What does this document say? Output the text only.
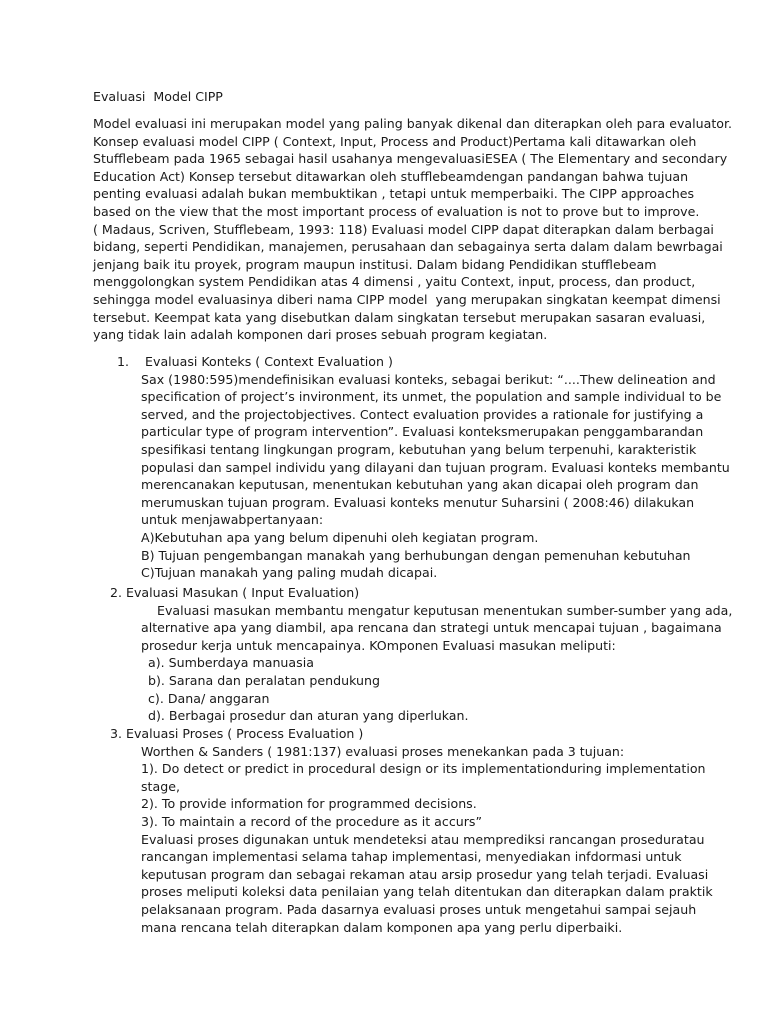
Evaluasi  Model CIPP
Model evaluasi ini merupakan model yang paling banyak dikenal dan diterapkan oleh para evaluator.
Konsep evaluasi model CIPP ( Context, Input, Process and Product)Pertama kali ditawarkan oleh
Stufflebeam pada 1965 sebagai hasil usahanya mengevaluasiESEA ( The Elementary and secondary
Education Act) Konsep tersebut ditawarkan oleh stufflebeamdengan pandangan bahwa tujuan
penting evaluasi adalah bukan membuktikan , tetapi untuk memperbaiki. The CIPP approaches
based on the view that the most important process of evaluation is not to prove but to improve.
( Madaus, Scriven, Stufflebeam, 1993: 118) Evaluasi model CIPP dapat diterapkan dalam berbagai
bidang, seperti Pendidikan, manajemen, perusahaan dan sebagainya serta dalam dalam bewrbagai
jenjang baik itu proyek, program maupun institusi. Dalam bidang Pendidikan stufflebeam
menggolongkan system Pendidikan atas 4 dimensi , yaitu Context, input, process, dan product,
sehingga model evaluasinya diberi nama CIPP model  yang merupakan singkatan keempat dimensi
tersebut. Keempat kata yang disebutkan dalam singkatan tersebut merupakan sasaran evaluasi,
yang tidak lain adalah komponen dari proses sebuah program kegiatan.
1.    Evaluasi Konteks ( Context Evaluation )
Sax (1980:595)mendefinisikan evaluasi konteks, sebagai berikut: “....Thew delineation and
specification of project’s invironment, its unmet, the population and sample individual to be
served, and the projectobjectives. Contect evaluation provides a rationale for justifying a
particular type of program intervention”. Evaluasi konteksmerupakan penggambarandan
spesifikasi tentang lingkungan program, kebutuhan yang belum terpenuhi, karakteristik
populasi dan sampel individu yang dilayani dan tujuan program. Evaluasi konteks membantu
merencanakan keputusan, menentukan kebutuhan yang akan dicapai oleh program dan
merumuskan tujuan program. Evaluasi konteks menutur Suharsini ( 2008:46) dilakukan
untuk menjawabpertanyaan:
A)Kebutuhan apa yang belum dipenuhi oleh kegiatan program.
B) Tujuan pengembangan manakah yang berhubungan dengan pemenuhan kebutuhan
C)Tujuan manakah yang paling mudah dicapai.
2. Evaluasi Masukan ( Input Evaluation)
Evaluasi masukan membantu mengatur keputusan menentukan sumber-sumber yang ada,
alternative apa yang diambil, apa rencana dan strategi untuk mencapai tujuan , bagaimana
prosedur kerja untuk mencapainya. KOmponen Evaluasi masukan meliputi:
a). Sumberdaya manuasia
b). Sarana dan peralatan pendukung
c). Dana/ anggaran
d). Berbagai prosedur dan aturan yang diperlukan.
3. Evaluasi Proses ( Process Evaluation )
Worthen & Sanders ( 1981:137) evaluasi proses menekankan pada 3 tujuan:
1). Do detect or predict in procedural design or its implementationduring implementation
stage,
2). To provide information for programmed decisions.
3). To maintain a record of the procedure as it accurs”
Evaluasi proses digunakan untuk mendeteksi atau memprediksi rancangan proseduratau
rancangan implementasi selama tahap implementasi, menyediakan infdormasi untuk
keputusan program dan sebagai rekaman atau arsip prosedur yang telah terjadi. Evaluasi
proses meliputi koleksi data penilaian yang telah ditentukan dan diterapkan dalam praktik
pelaksanaan program. Pada dasarnya evaluasi proses untuk mengetahui sampai sejauh
mana rencana telah diterapkan dalam komponen apa yang perlu diperbaiki.
